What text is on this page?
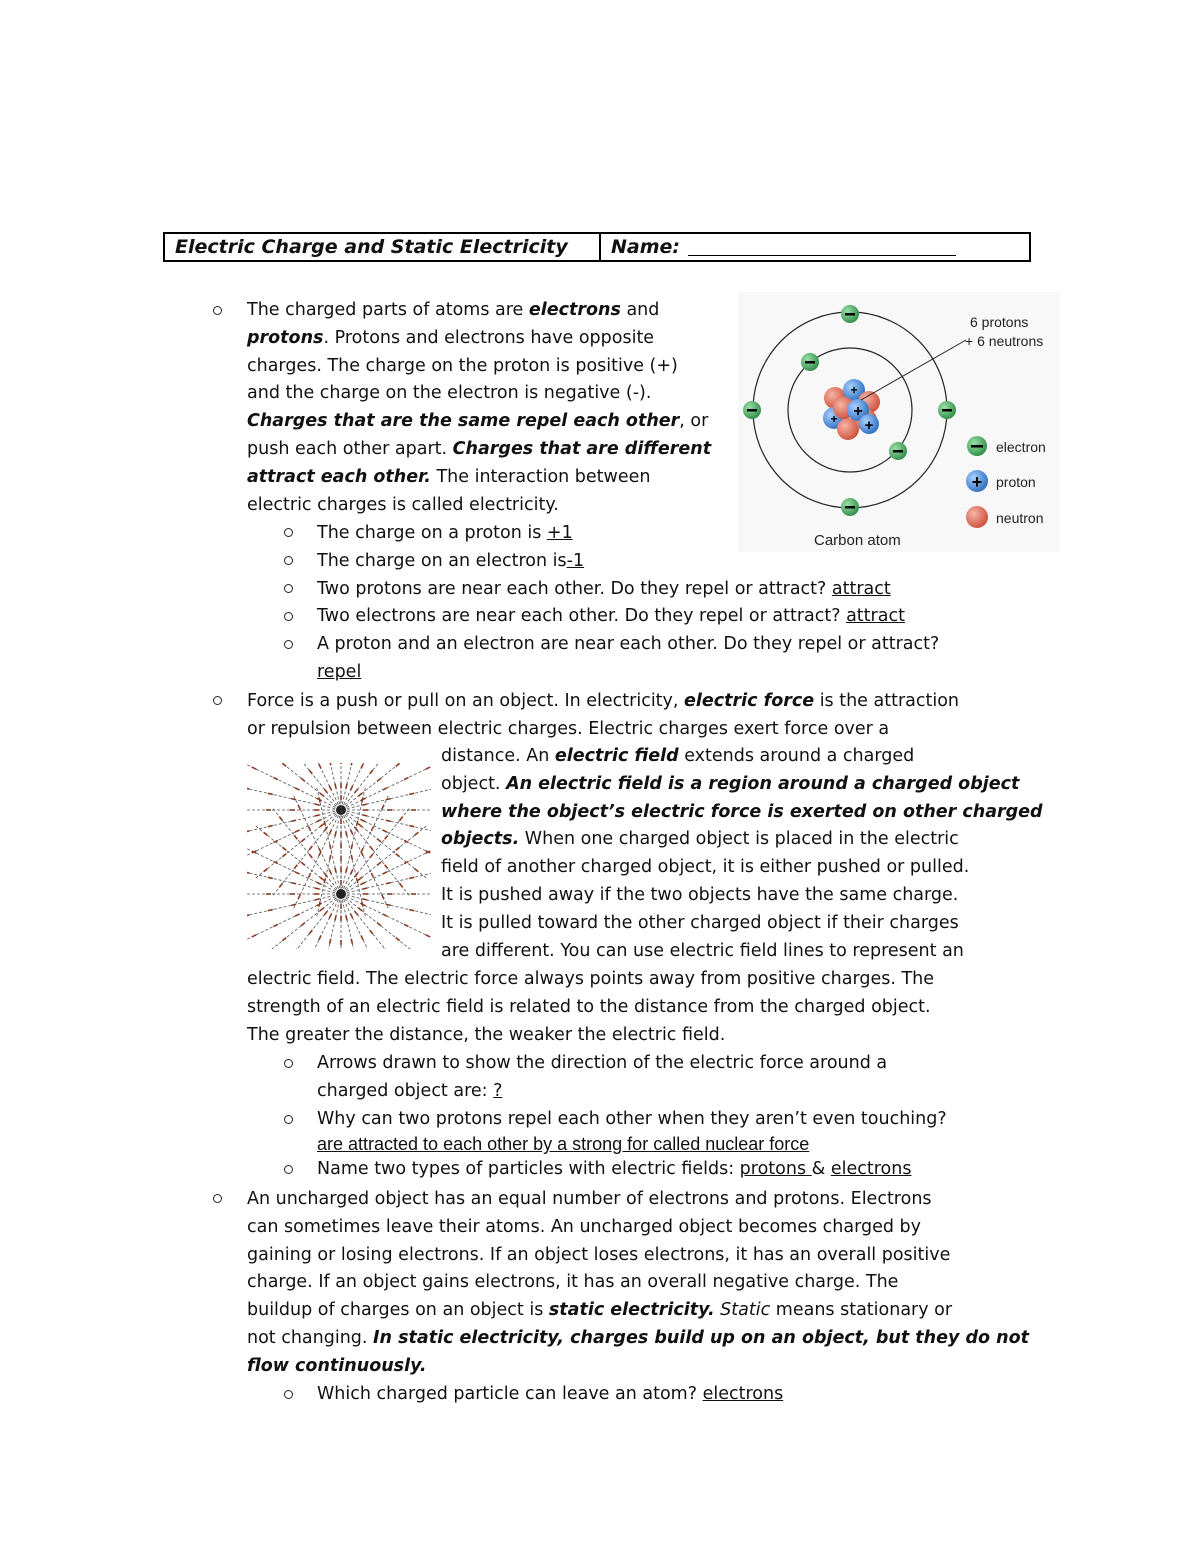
Electric Charge and Static Electricity	Name:

The charged parts of atoms are electrons and

protons. Protons and electrons have opposite

charges. The charge on the proton is positive (+)

and the charge on the electron is negative (-).

Charges that are the same repel each other, or

push each other apart. Charges that are different

attract each other. The interaction between

electric charges is called electricity.

The charge on a proton is +1

The charge on an electron is-1

Two protons are near each other. Do they repel or attract? attract

Two electrons are near each other. Do they repel or attract? attract

A proton and an electron are near each other. Do they repel or attract?

repel

+
+
+
+
6 protons
+ 6 neutrons
Carbon atom
electron
+ proton
neutron

Force is a push or pull on an object. In electricity, electric force is the attraction

or repulsion between electric charges. Electric charges exert force over a

distance. An electric field extends around a charged

object. An electric field is a region around a charged object

where the object’s electric force is exerted on other charged

objects. When one charged object is placed in the electric

field of another charged object, it is either pushed or pulled.

It is pushed away if the two objects have the same charge.

It is pulled toward the other charged object if their charges

are different. You can use electric field lines to represent an

electric field. The electric force always points away from positive charges. The

strength of an electric field is related to the distance from the charged object.

The greater the distance, the weaker the electric field.

Arrows drawn to show the direction of the electric force around a

charged object are: ?

Why can two protons repel each other when they aren’t even touching?

are attracted to each other by a strong for called nuclear force

Name two types of particles with electric fields: protons & electrons

An uncharged object has an equal number of electrons and protons. Electrons

can sometimes leave their atoms. An uncharged object becomes charged by

gaining or losing electrons. If an object loses electrons, it has an overall positive

charge. If an object gains electrons, it has an overall negative charge. The

buildup of charges on an object is static electricity. Static means stationary or

not changing. In static electricity, charges build up on an object, but they do not

flow continuously.

Which charged particle can leave an atom? electrons
